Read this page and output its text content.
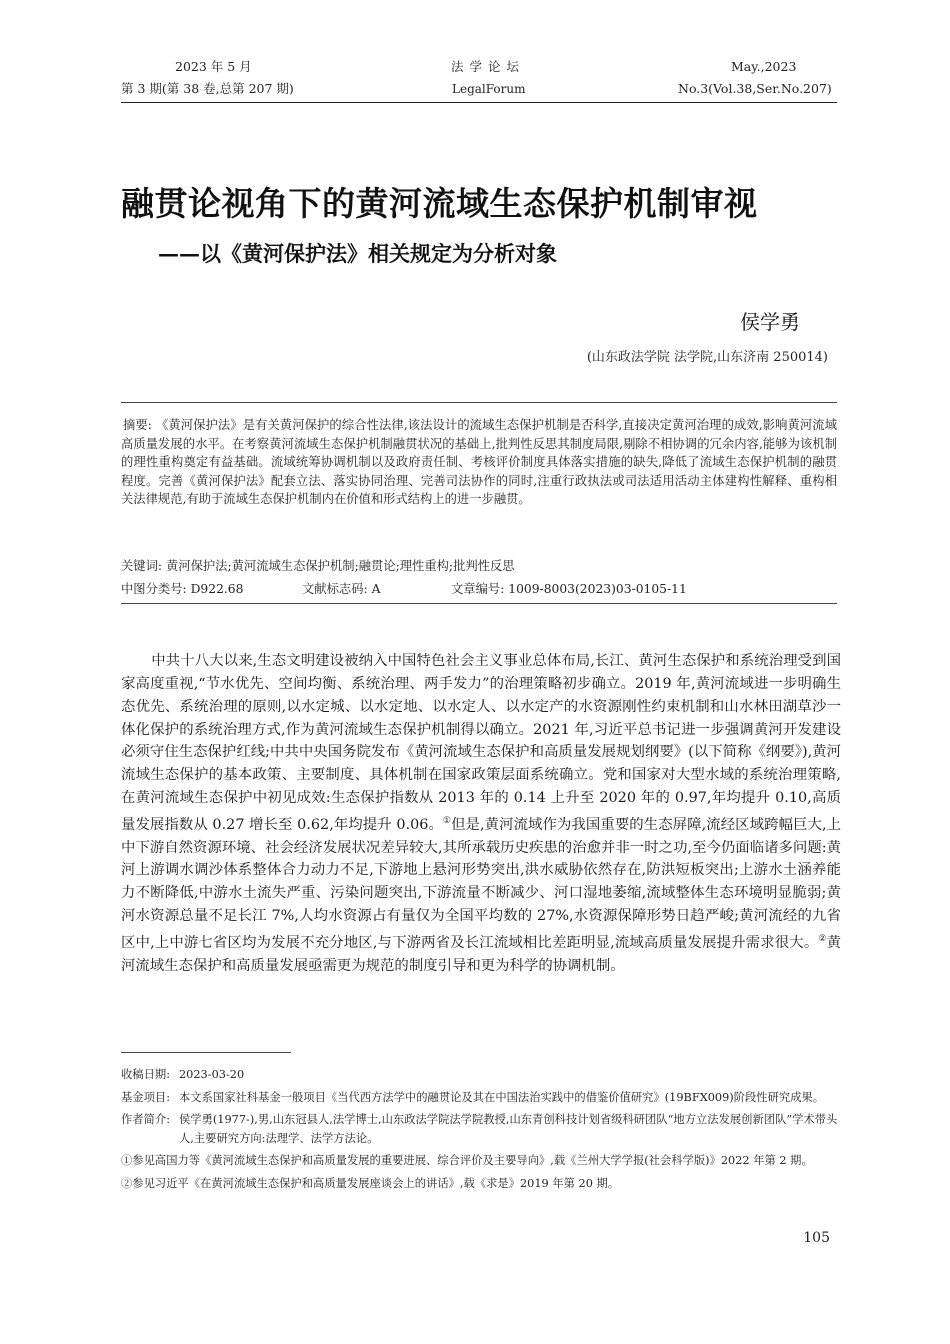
2023 年 5 月
第 3 期(第 38 卷,总第 207 期)
法 学 论 坛
LegalForum
May.,2023
No.3(Vol.38,Ser.No.207)
融贯论视角下的黄河流域生态保护机制审视
——以《黄河保护法》相关规定为分析对象
侯学勇
(山东政法学院 法学院,山东济南 250014)

摘要: 《黄河保护法》是有关黄河保护的综合性法律,该法设计的流域生态保护机制是否科学,直接决定黄河治理的成效,影响黄河流域高质量发展的水平。在考察黄河流域生态保护机制融贯状况的基础上,批判性反思其制度局限,剔除不相协调的冗余内容,能够为该机制的理性重构奠定有益基础。流域统筹协调机制以及政府责任制、考核评价制度具体落实措施的缺失,降低了流域生态保护机制的融贯程度。完善《黄河保护法》配套立法、落实协同治理、完善司法协作的同时,注重行政执法或司法适用活动主体建构性解释、重构相关法律规范,有助于流域生态保护机制内在价值和形式结构上的进一步融贯。

关键词: 黄河保护法;黄河流域生态保护机制;融贯论;理性重构;批判性反思
中图分类号: D922.68	文献标志码: A	文章编号: 1009-8003(2023)03-0105-11

中共十八大以来,生态文明建设被纳入中国特色社会主义事业总体布局,长江、黄河生态保护和系统治理受到国家高度重视,“节水优先、空间均衡、系统治理、两手发力”的治理策略初步确立。2019 年,黄河流域进一步明确生态优先、系统治理的原则,以水定城、以水定地、以水定人、以水定产的水资源刚性约束机制和山水林田湖草沙一体化保护的系统治理方式,作为黄河流域生态保护机制得以确立。2021 年,习近平总书记进一步强调黄河开发建设必须守住生态保护红线;中共中央国务院发布《黄河流域生态保护和高质量发展规划纲要》(以下简称《纲要》),黄河流域生态保护的基本政策、主要制度、具体机制在国家政策层面系统确立。党和国家对大型水域的系统治理策略,在黄河流域生态保护中初见成效:生态保护指数从 2013 年的 0.14 上升至 2020 年的 0.97,年均提升 0.10,高质量发展指数从 0.27 增长至 0.62,年均提升 0.06。①但是,黄河流域作为我国重要的生态屏障,流经区域跨幅巨大,上中下游自然资源环境、社会经济发展状况差异较大,其所承载历史疾患的治愈并非一时之功,至今仍面临诸多问题:黄河上游调水调沙体系整体合力动力不足,下游地上悬河形势突出,洪水威胁依然存在,防洪短板突出;上游水土涵养能力不断降低,中游水土流失严重、污染问题突出,下游流量不断减少、河口湿地萎缩,流域整体生态环境明显脆弱;黄河水资源总量不足长江 7%,人均水资源占有量仅为全国平均数的 27%,水资源保障形势日趋严峻;黄河流经的九省区中,上中游七省区均为发展不充分地区,与下游两省及长江流域相比差距明显,流域高质量发展提升需求很大。②黄河流域生态保护和高质量发展亟需更为规范的制度引导和更为科学的协调机制。

收稿日期: 2023-03-20
基金项目: 本文系国家社科基金一般项目《当代西方法学中的融贯论及其在中国法治实践中的借鉴价值研究》(19BFX009)阶段性研究成果。
作者简介: 侯学勇(1977-),男,山东冠县人,法学博士,山东政法学院法学院教授,山东青创科技计划省级科研团队“地方立法发展创新团队”学术带头人,主要研究方向:法理学、法学方法论。
①参见高国力等《黄河流域生态保护和高质量发展的重要进展、综合评价及主要导向》,载《兰州大学学报(社会科学版)》2022 年第 2 期。
②参见习近平《在黄河流域生态保护和高质量发展座谈会上的讲话》,载《求是》2019 年第 20 期。
105
